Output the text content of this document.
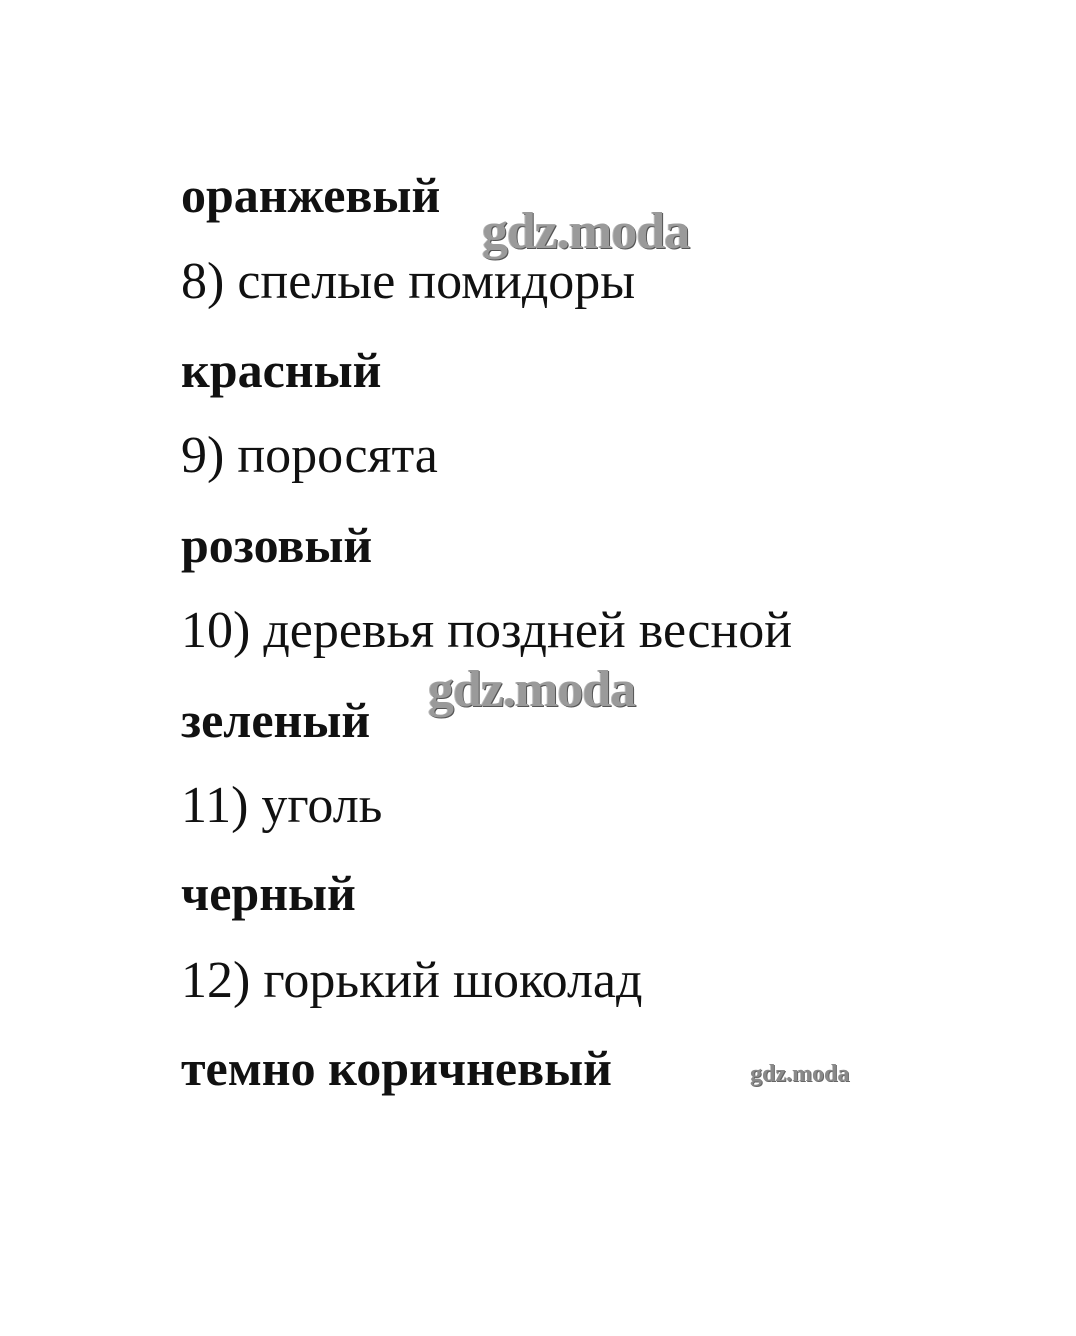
оранжевый
8) спелые помидоры
красный
9) поросята
розовый
10) деревья поздней весной
зеленый
11) уголь
черный
12) горький шоколад
темно коричневый
gdz.moda
gdz.moda
gdz.moda
